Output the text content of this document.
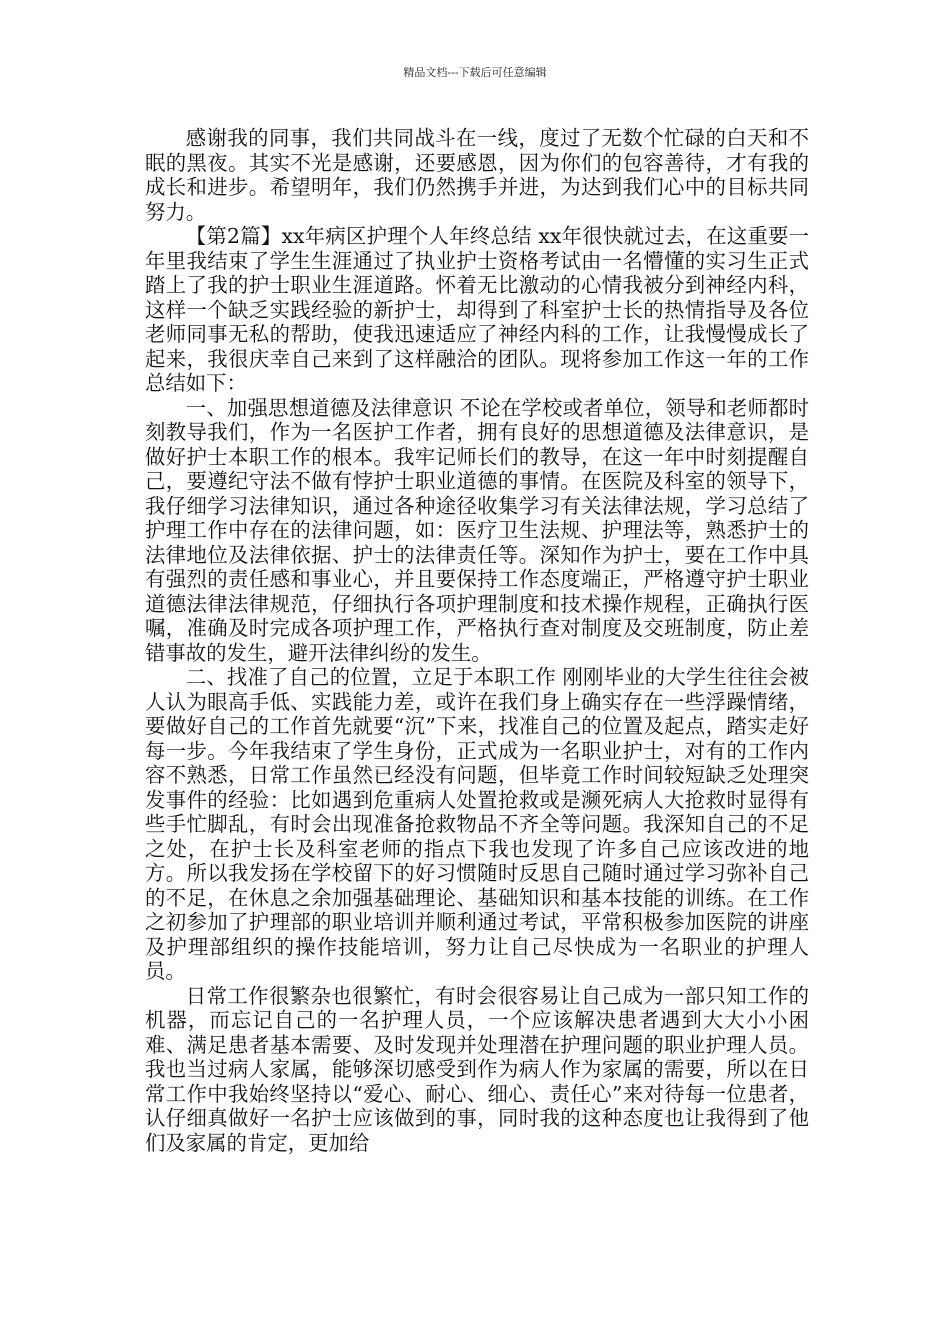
精品文档---下载后可任意编辑

感谢我的同事，我们共同战斗在一线，度过了无数个忙碌的白天和不眠的黑夜。其实不光是感谢，还要感恩，因为你们的包容善待，才有我的成长和进步。希望明年，我们仍然携手并进，为达到我们心中的目标共同努力。

【第2篇】xx年病区护理个人年终总结 xx年很快就过去，在这重要一年里我结束了学生生涯通过了执业护士资格考试由一名懵懂的实习生正式踏上了我的护士职业生涯道路。怀着无比激动的心情我被分到神经内科，这样一个缺乏实践经验的新护士，却得到了科室护士长的热情指导及各位老师同事无私的帮助，使我迅速适应了神经内科的工作，让我慢慢成长了起来，我很庆幸自己来到了这样融洽的团队。现将参加工作这一年的工作总结如下：

一、加强思想道德及法律意识 不论在学校或者单位，领导和老师都时刻教导我们，作为一名医护工作者，拥有良好的思想道德及法律意识，是做好护士本职工作的根本。我牢记师长们的教导，在这一年中时刻提醒自己，要遵纪守法不做有悖护士职业道德的事情。在医院及科室的领导下，我仔细学习法律知识，通过各种途径收集学习有关法律法规，学习总结了护理工作中存在的法律问题，如：医疗卫生法规、护理法等，熟悉护士的法律地位及法律依据、护士的法律责任等。深知作为护士，要在工作中具有强烈的责任感和事业心，并且要保持工作态度端正，严格遵守护士职业道德法律法律规范，仔细执行各项护理制度和技术操作规程，正确执行医嘱，准确及时完成各项护理工作，严格执行查对制度及交班制度，防止差错事故的发生，避开法律纠纷的发生。

二、找准了自己的位置，立足于本职工作 刚刚毕业的大学生往往会被人认为眼高手低、实践能力差，或许在我们身上确实存在一些浮躁情绪，要做好自己的工作首先就要“沉”下来，找准自己的位置及起点，踏实走好每一步。今年我结束了学生身份，正式成为一名职业护士，对有的工作内容不熟悉，日常工作虽然已经没有问题，但毕竟工作时间较短缺乏处理突发事件的经验：比如遇到危重病人处置抢救或是濒死病人大抢救时显得有些手忙脚乱，有时会出现准备抢救物品不齐全等问题。我深知自己的不足之处，在护士长及科室老师的指点下我也发现了许多自己应该改进的地方。所以我发扬在学校留下的好习惯随时反思自己随时通过学习弥补自己的不足，在休息之余加强基础理论、基础知识和基本技能的训练。在工作之初参加了护理部的职业培训并顺利通过考试，平常积极参加医院的讲座及护理部组织的操作技能培训，努力让自己尽快成为一名职业的护理人员。

日常工作很繁杂也很繁忙，有时会很容易让自己成为一部只知工作的机器，而忘记自己的一名护理人员，一个应该解决患者遇到大大小小困难、满足患者基本需要、及时发现并处理潜在护理问题的职业护理人员。我也当过病人家属，能够深切感受到作为病人作为家属的需要，所以在日常工作中我始终坚持以“爱心、耐心、细心、责任心”来对待每一位患者，认仔细真做好一名护士应该做到的事，同时我的这种态度也让我得到了他们及家属的肯定，更加给
